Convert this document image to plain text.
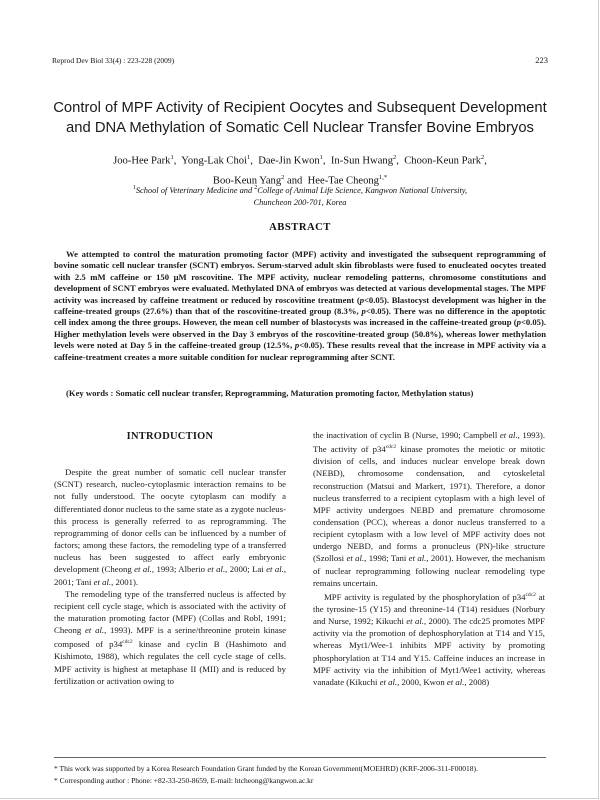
Reprod Dev Biol 33(4) : 223-228 (2009)	223
Control of MPF Activity of Recipient Oocytes and Subsequent Development
and DNA Methylation of Somatic Cell Nuclear Transfer Bovine Embryos
Joo-Hee Park$^1$,  Yong-Lak Choi$^1$,  Dae-Jin Kwon$^1$,  In-Sun Hwang$^2$,  Choon-Keun Park$^2$,
Boo-Keun Yang$^2$ and  Hee-Tae Cheong$^{1,*}$
$^1$School of Veterinary Medicine and $^2$College of Animal Life Science, Kangwon National University,
Chuncheon 200-701, Korea
ABSTRACT
We attempted to control the maturation promoting factor (MPF) activity and investigated the subsequent reprogramming of bovine somatic cell nuclear transfer (SCNT) embryos. Serum-starved adult skin fibroblasts were fused to enucleated oocytes treated with 2.5 mM caffeine or 150 μM roscovitine. The MPF activity, nuclear remodeling patterns, chromosome constitutions and development of SCNT embryos were evaluated. Methylated DNA of embryos was detected at various developmental stages. The MPF activity was increased by caffeine treatment or reduced by roscovitine treatment (p<0.05). Blastocyst development was higher in the caffeine-treated groups (27.6%) than that of the roscovitine-treated group (8.3%, p<0.05). There was no difference in the apoptotic cell index among the three groups. However, the mean cell number of blastocysts was increased in the caffeine-treated group (p<0.05). Higher methylation levels were observed in the Day 3 embryos of the roscovitine-treated group (50.8%), whereas lower methylation levels were noted at Day 5 in the caffeine-treated group (12.5%, p<0.05). These results reveal that the increase in MPF activity via a caffeine-treatment creates a more suitable condition for nuclear reprogramming after SCNT.
(Key words : Somatic cell nuclear transfer, Reprogramming, Maturation promoting factor, Methylation status)
INTRODUCTION

Despite the great number of somatic cell nuclear transfer (SCNT) research, nucleo-cytoplasmic interaction remains to be not fully understood. The oocyte cytoplasm can modify a differentiated donor nucleus to the same state as a zygote nucleus-this process is generally referred to as reprogramming. The reprogramming of donor cells can be influenced by a number of factors; among these factors, the remodeling type of a transferred nucleus has been suggested to affect early embryonic development (Cheong et al., 1993; Alberio et al., 2000; Lai et al., 2001; Tani et al., 2001).

The remodeling type of the transferred nucleus is affected by recipient cell cycle stage, which is associated with the activity of the maturation promoting factor (MPF) (Collas and Robl, 1991; Cheong et al., 1993). MPF is a serine/threonine protein kinase composed of $p34^{cdc2}$ kinase and cyclin B (Hashimoto and Kishimoto, 1988), which regulates the cell cycle stage of cells. MPF activity is highest at metaphase II (MII) and is reduced by fertilization or activation owing to

the inactivation of cyclin B (Nurse, 1990; Campbell et al., 1993). The activity of $p34^{cdc2}$ kinase promotes the meiotic or mitotic division of cells, and induces nuclear envelope break down (NEBD), chromosome condensation, and cytoskeletal reconstruction (Matsui and Markert, 1971). Therefore, a donor nucleus transferred to a recipient cytoplasm with a high level of MPF activity undergoes NEBD and premature chromosome condensation (PCC), whereas a donor nucleus transferred to a recipient cytoplasm with a low level of MPF activity does not undergo NEBD, and forms a pronucleus (PN)-like structure (Szollosi et al., 1998; Tani et al., 2001). However, the mechanism of nuclear reprogramming following nuclear remodeling type remains uncertain.

MPF activity is regulated by the phosphorylation of $p34^{cdc2}$ at the tyrosine-15 (Y15) and threonine-14 (T14) residues (Norbury and Nurse, 1992; Kikuchi et al., 2000). The cdc25 promotes MPF activity via the promotion of dephosphorylation at T14 and Y15, whereas Myt1/Wee-1 inhibits MPF activity by promoting phosphorylation at T14 and Y15. Caffeine induces an increase in MPF activity via the inhibition of Myt1/Wee1 activity, whereas vanadate (Kikuchi et al., 2000, Kwon et al., 2008)

* This work was supported by a Korea Research Foundation Grant funded by the Korean Government(MOEHRD) (KRF-2006-311-F00018).
* Corresponding author : Phone: +82-33-250-8659, E-mail: htcheong@kangwon.ac.kr
